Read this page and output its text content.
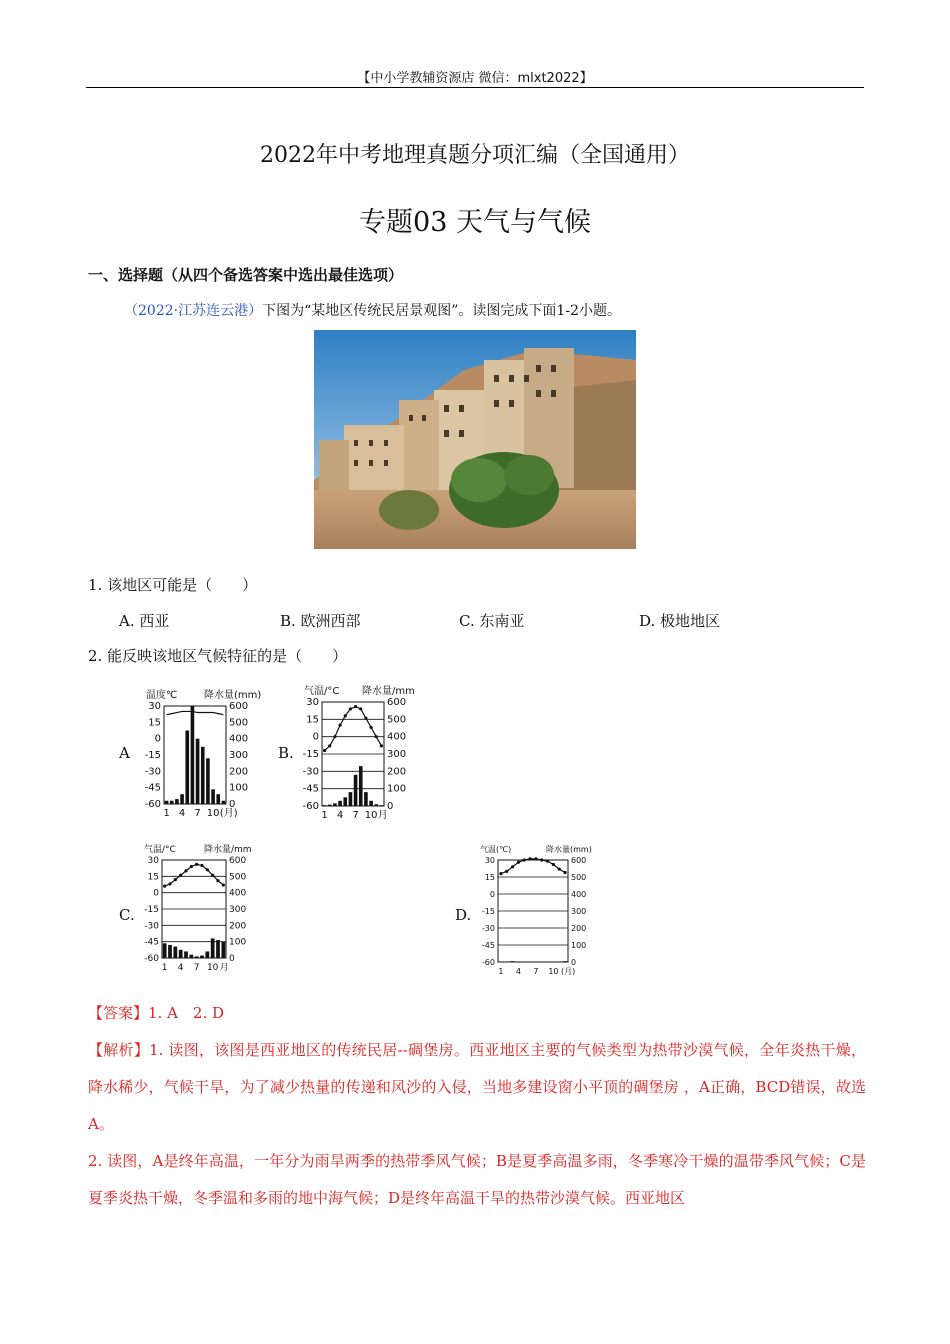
【中小学教辅资源店 微信：mlxt2022】
2022年中考地理真题分项汇编（全国通用）
专题03 天气与气候
一、选择题（从四个备选答案中选出最佳选项）
（2022·江苏连云港）下图为“某地区传统民居景观图”。读图完成下面1-2小题。
1. 该地区可能是（　　）
A. 西亚	B. 欧洲西部	C. 东南亚	D. 极地地区
2. 能反映该地区气候特征的是（　　）
A	B.
C.	D.
温度℃	降水量(mm)
30	600
15	500
0	400
-15	300
-30	200
-45	100
-60	0
1 4 7 10 (月)
气温/°C 降水量/mm
30	600
15	500
0	400
-15	300
-30	200
-45	100
-60	0
1 4 7 10 月
气温/°C	降水量/mm
30	600
15	500
0	400
-15	300
-30	200
-45	100
-60	0
1 4 7 10 月
气温(℃)	降水量(mm)
30	600
15	500
0	400
-15	300
-30	200
-45	100
-60	0
1 4 7 10 (月)
【答案】1. A　2. D
【解析】1. 读图，该图是西亚地区的传统民居--碉堡房。西亚地区主要的气候类型为热带沙漠气候，全年炎热干燥，降水稀少，气候干旱，为了减少热量的传递和风沙的入侵，当地多建设窗小平顶的碉堡房 ，A正确，BCD错误，故选A。
2. 读图，A是终年高温，一年分为雨旱两季的热带季风气候；B是夏季高温多雨，冬季寒冷干燥的温带季风气候；C是夏季炎热干燥，冬季温和多雨的地中海气候；D是终年高温干旱的热带沙漠气候。西亚地区
